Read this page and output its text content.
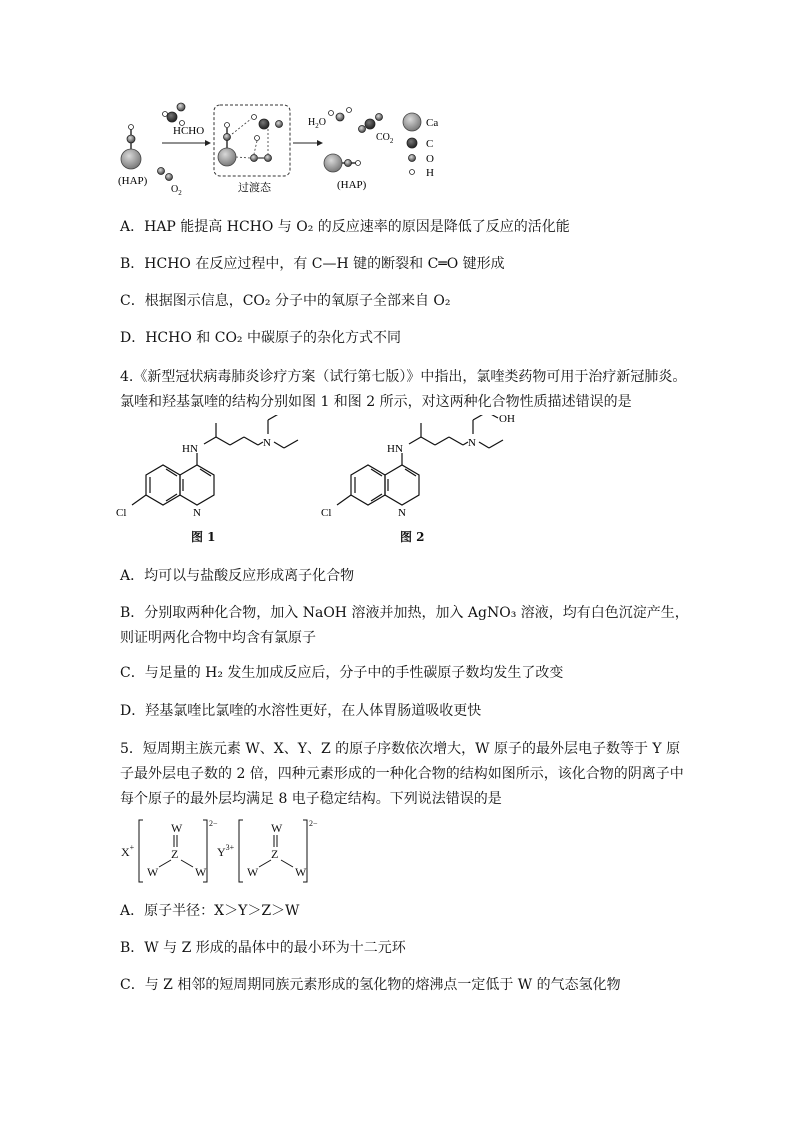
(HAP)
HCHO
$O_2$	过渡态
$H_2O$
$CO_2$
(HAP)
Ca
C
O
H
A．HAP 能提高 HCHO 与 O₂ 的反应速率的原因是降低了反应的活化能
B．HCHO 在反应过程中，有 C—H 键的断裂和 C═O 键形成
C．根据图示信息，CO₂ 分子中的氧原子全部来自 O₂
D．HCHO 和 CO₂ 中碳原子的杂化方式不同
4.《新型冠状病毒肺炎诊疗方案（试行第七版）》中指出，氯喹类药物可用于治疗新冠肺炎。
氯喹和羟基氯喹的结构分别如图 1 和图 2 所示，对这两种化合物性质描述错误的是
HN	N
N
Cl
图 1
HN	N
OH
N
Cl
图 2
A．均可以与盐酸反应形成离子化合物
B．分别取两种化合物，加入 NaOH 溶液并加热，加入 AgNO₃ 溶液，均有白色沉淀产生，
则证明两化合物中均含有氯原子
C．与足量的 H₂ 发生加成反应后，分子中的手性碳原子数均发生了改变
D．羟基氯喹比氯喹的水溶性更好，在人体胃肠道吸收更快
5．短周期主族元素 W、X、Y、Z 的原子序数依次增大，W 原子的最外层电子数等于 Y 原
子最外层电子数的 2 倍，四种元素形成的一种化合物的结构如图所示，该化合物的阴离子中
每个原子的最外层均满足 8 电子稳定结构。下列说法错误的是
X+	$Y^{3+}$
W
Z
W	W
2−	W
Z
W	W
2−
A．原子半径：X＞Y＞Z＞W
B．W 与 Z 形成的晶体中的最小环为十二元环
C．与 Z 相邻的短周期同族元素形成的氢化物的熔沸点一定低于 W 的气态氢化物
